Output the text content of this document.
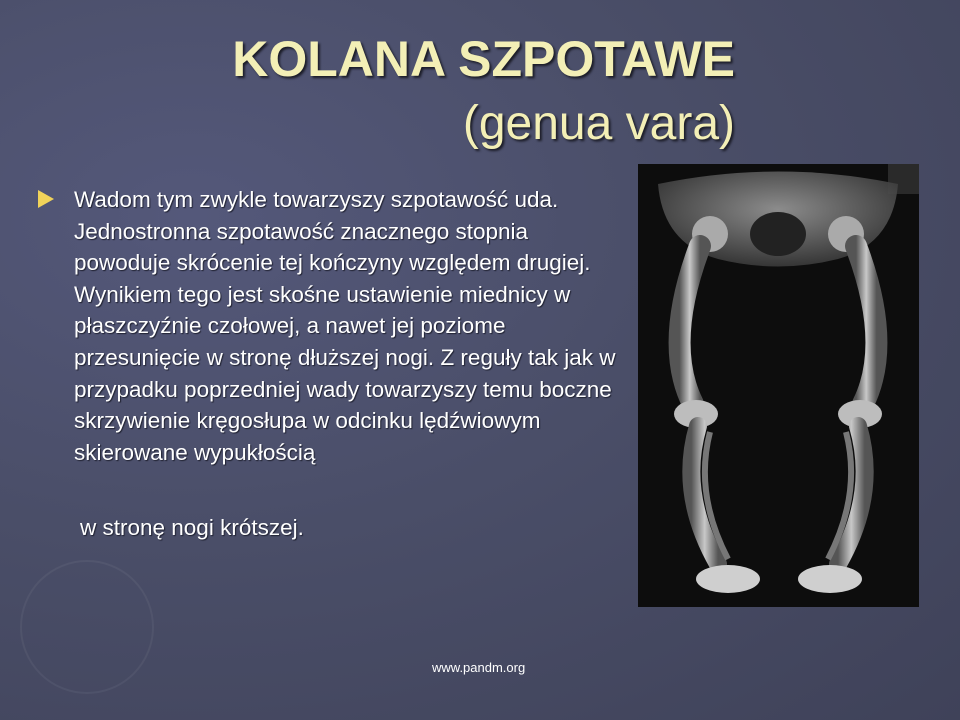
KOLANA SZPOTAWE
(genua vara)
Wadom tym zwykle towarzyszy szpotawość uda. Jednostronna szpotawość znacznego stopnia powoduje skrócenie tej kończyny względem drugiej. Wynikiem tego jest skośne ustawienie miednicy w płaszczyźnie czołowej, a nawet jej poziome przesunięcie w stronę dłuższej nogi. Z reguły tak jak w przypadku poprzedniej wady towarzyszy temu boczne skrzywienie kręgosłupa w odcinku lędźwiowym skierowane wypukłością
w stronę nogi krótszej.
www.pandm.org
